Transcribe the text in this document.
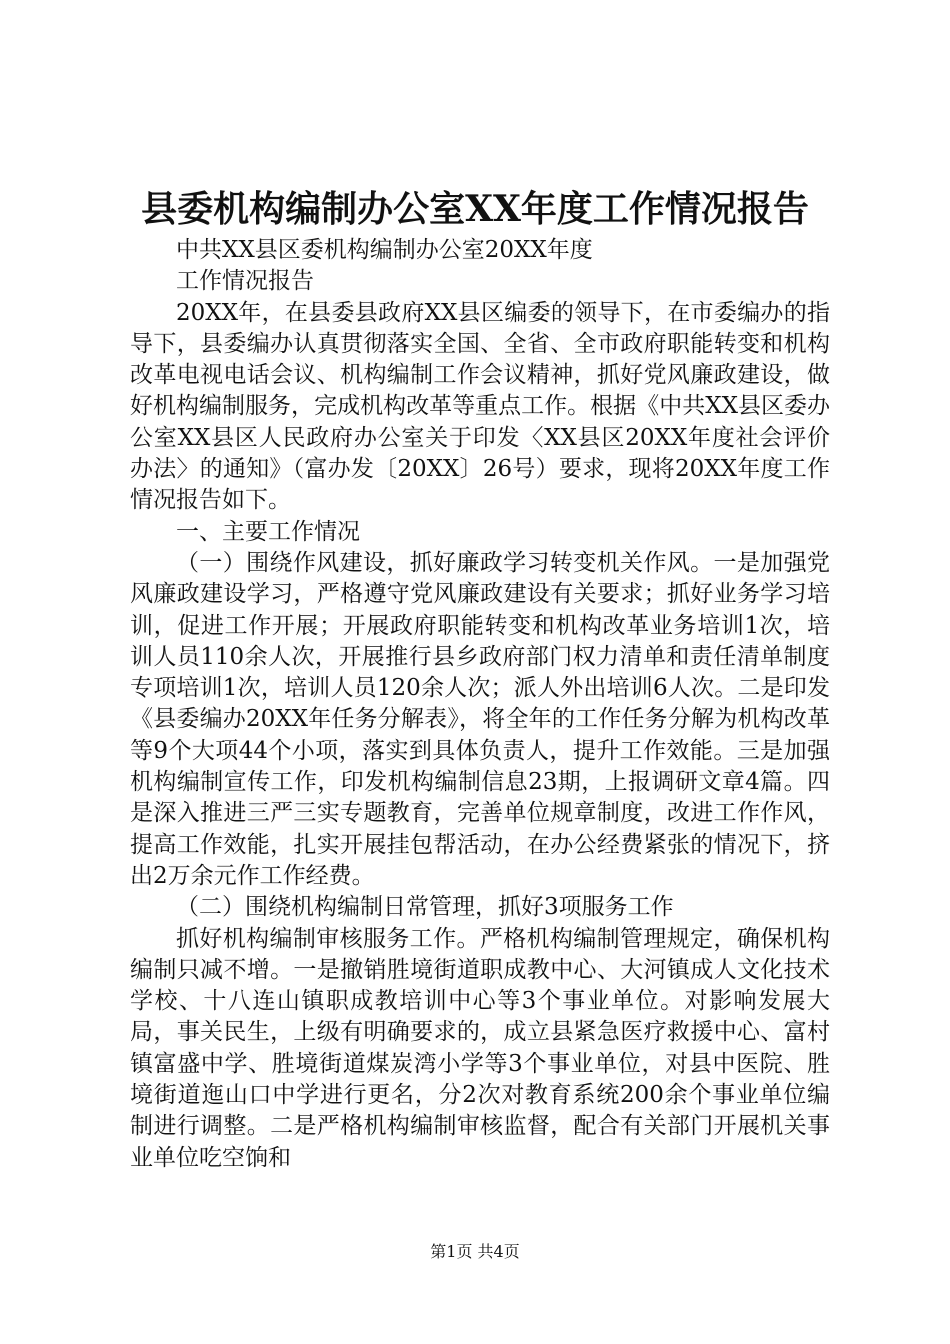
县委机构编制办公室XX年度工作情况报告

中共XX县区委机构编制办公室20XX年度

工作情况报告

20XX年，在县委县政府XX县区编委的领导下，在市委编办的指导下，县委编办认真贯彻落实全国、全省、全市政府职能转变和机构改革电视电话会议、机构编制工作会议精神，抓好党风廉政建设，做好机构编制服务，完成机构改革等重点工作。根据《中共XX县区委办公室XX县区人民政府办公室关于印发〈XX县区20XX年度社会评价办法〉的通知》（富办发〔20XX〕26号）要求，现将20XX年度工作情况报告如下。

一、主要工作情况

（一）围绕作风建设，抓好廉政学习转变机关作风。一是加强党风廉政建设学习，严格遵守党风廉政建设有关要求；抓好业务学习培训，促进工作开展；开展政府职能转变和机构改革业务培训1次，培训人员110余人次，开展推行县乡政府部门权力清单和责任清单制度专项培训1次，培训人员120余人次；派人外出培训6人次。二是印发《县委编办20XX年任务分解表》，将全年的工作任务分解为机构改革等9个大项44个小项，落实到具体负责人，提升工作效能。三是加强机构编制宣传工作，印发机构编制信息23期，上报调研文章4篇。四是深入推进三严三实专题教育，完善单位规章制度，改进工作作风，提高工作效能，扎实开展挂包帮活动，在办公经费紧张的情况下，挤出2万余元作工作经费。

（二）围绕机构编制日常管理，抓好3项服务工作

抓好机构编制审核服务工作。严格机构编制管理规定，确保机构编制只减不增。一是撤销胜境街道职成教中心、大河镇成人文化技术学校、十八连山镇职成教培训中心等3个事业单位。对影响发展大局，事关民生，上级有明确要求的，成立县紧急医疗救援中心、富村镇富盛中学、胜境街道煤炭湾小学等3个事业单位，对县中医院、胜境街道迤山口中学进行更名，分2次对教育系统200余个事业单位编制进行调整。二是严格机构编制审核监督，配合有关部门开展机关事业单位吃空饷和

第1页 共4页
